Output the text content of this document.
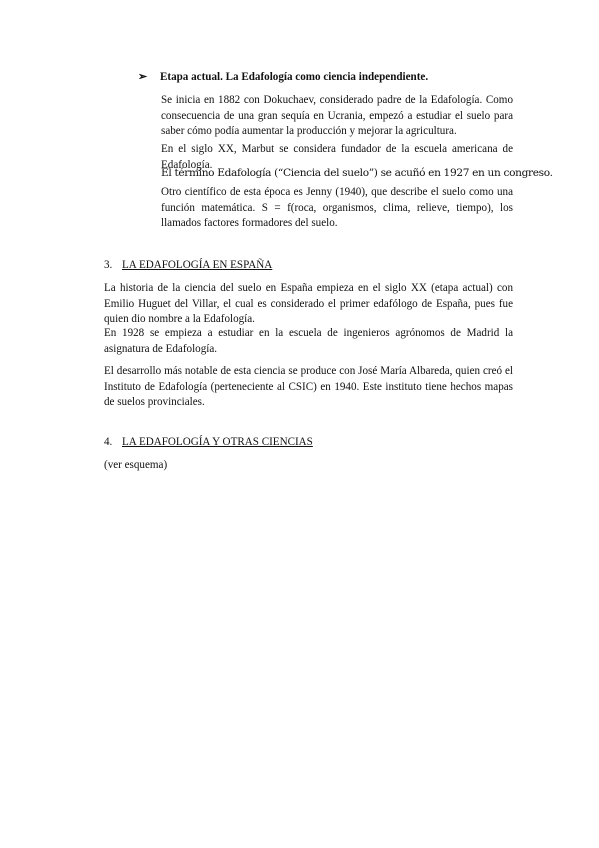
➢ Etapa actual. La Edafología como ciencia independiente.
Se inicia en 1882 con Dokuchaev, considerado padre de la Edafología. Como consecuencia de una gran sequía en Ucrania, empezó a estudiar el suelo para saber cómo podía aumentar la producción y mejorar la agricultura.
En el siglo XX, Marbut se considera fundador de la escuela americana de Edafología.
El término Edafología (“Ciencia del suelo”) se acuñó en 1927 en un congreso.
Otro científico de esta época es Jenny (1940), que describe el suelo como una función matemática. S = f(roca, organismos, clima, relieve, tiempo), los llamados factores formadores del suelo.
3. LA EDAFOLOGÍA EN ESPAÑA
La historia de la ciencia del suelo en España empieza en el siglo XX (etapa actual) con Emilio Huguet del Villar, el cual es considerado el primer edafólogo de España, pues fue quien dio nombre a la Edafología.
En 1928 se empieza a estudiar en la escuela de ingenieros agrónomos de Madrid la asignatura de Edafología.
El desarrollo más notable de esta ciencia se produce con José María Albareda, quien creó el Instituto de Edafología (perteneciente al CSIC) en 1940. Este instituto tiene hechos mapas de suelos provinciales.
4. LA EDAFOLOGÍA Y OTRAS CIENCIAS
(ver esquema)
